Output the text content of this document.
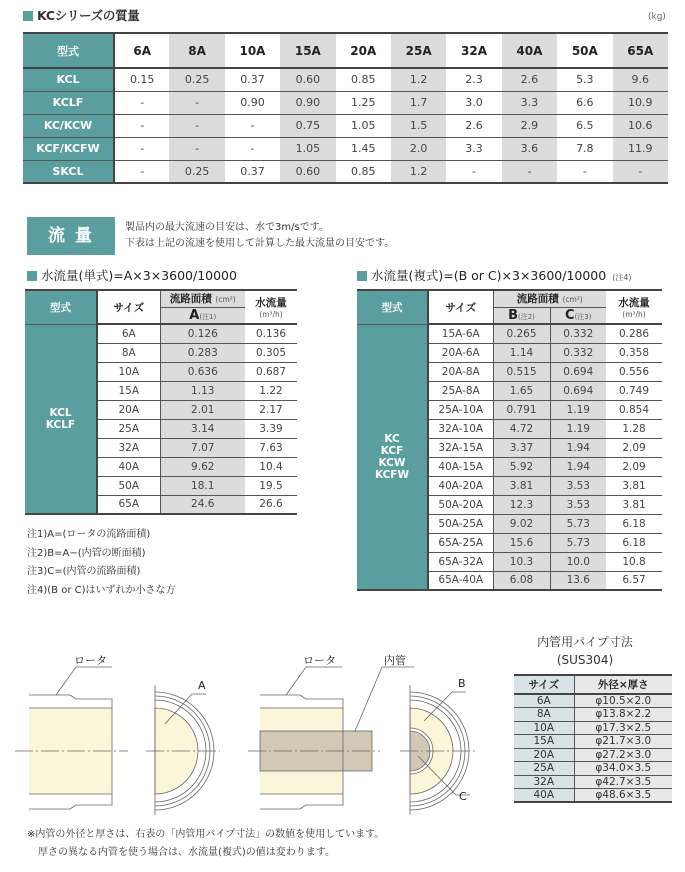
KCシリーズの質量	(kg)
型式	6A	8A	10A	15A	20A	25A	32A	40A	50A	65A
KCL	0.15	0.25	0.37	0.60	0.85	1.2	2.3	2.6	5.3	9.6
KCLF	-	-	0.90	0.90	1.25	1.7	3.0	3.3	6.6	10.9
KC/KCW	-	-	-	0.75	1.05	1.5	2.6	2.9	6.5	10.6
KCF/KCFW	-	-	-	1.05	1.45	2.0	3.3	3.6	7.8	11.9
SKCL	-	0.25	0.37	0.60	0.85	1.2	-	-	-	-
流 量	製品内の最大流速の目安は、水で3m/sです。
下表は上記の流速を使用して計算した最大流量の目安です。
水流量(単式)=A×3×3600/10000
型式	サイズ	流路面積 (cm²)	水流量
(m³/h)

		A(注1)	

KCL
KCLF	6A	0.126	0.136
	8A	0.283	0.305
	10A	0.636	0.687
	15A	1.13	1.22
	20A	2.01	2.17
	25A	3.14	3.39
	32A	7.07	7.63
	40A	9.62	10.4
	50A	18.1	19.5
	65A	24.6	26.6
水流量(複式)=(B or C)×3×3600/10000 (注4)
型式	サイズ	流路面積 (cm²)		水流量
(m³/h)

		B(注2)	C(注3)	

KC
KCF
KCW
KCFW	15A-6A	0.265	0.332	0.286
	20A-6A	1.14	0.332	0.358
	20A-8A	0.515	0.694	0.556
	25A-8A	1.65	0.694	0.749
	25A-10A	0.791	1.19	0.854
	32A-10A	4.72	1.19	1.28
	32A-15A	3.37	1.94	2.09
	40A-15A	5.92	1.94	2.09
	40A-20A	3.81	3.53	3.81
	50A-20A	12.3	3.53	3.81
	50A-25A	9.02	5.73	6.18
	65A-25A	15.6	5.73	6.18
	65A-32A	10.3	10.0	10.8
	65A-40A	6.08	13.6	6.57
注1)A=(ロータの流路面積)
注2)B=A−(内管の断面積)
注3)C=(内管の流路面積)
注4)(B or C)はいずれか小さな方
ロータ
A
ロータ	内管
B
C
内管用パイプ寸法
(SUS304)
サイズ	外径×厚さ
6A	φ10.5×2.0
8A	φ13.8×2.2
10A	φ17.3×2.5
15A	φ21.7×3.0
20A	φ27.2×3.0
25A	φ34.0×3.5
32A	φ42.7×3.5
40A	φ48.6×3.5
※内管の外径と厚さは、右表の「内管用パイプ寸法」の数値を使用しています。
厚さの異なる内管を使う場合は、水流量(複式)の値は変わります。
